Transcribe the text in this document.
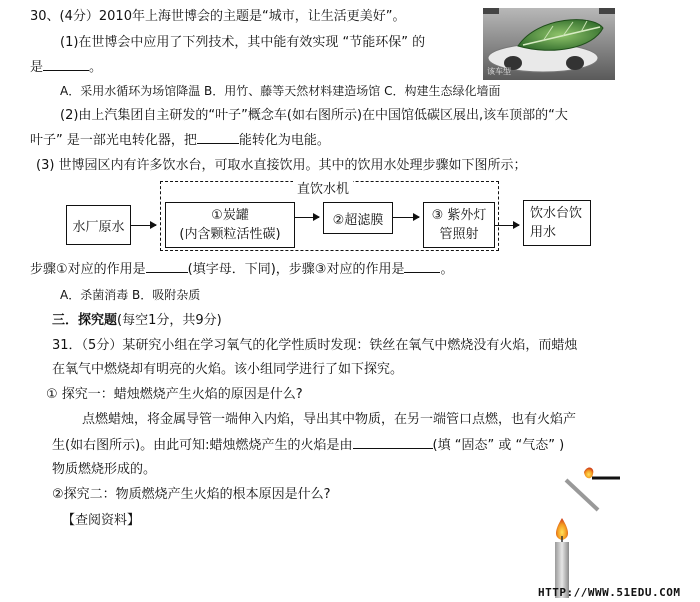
30、(4分）2010年上海世博会的主题是“城市，让生活更美好”。
(1)在世博会中应用了下列技术，其中能有效实现 “节能环保” 的
是	。
A．采用水循环为场馆降温 B．用竹、藤等天然材料建造场馆 C．构建生态绿化墙面
(2)由上汽集团自主研发的“叶子”概念车(如右图所示)在中国馆低碳区展出,该车顶部的“大
叶子” 是一部光电转化器，把	能转化为电能。
(3) 世博园区内有许多饮水台，可取水直接饮用。其中的饮用水处理步骤如下图所示；
该车型
直饮水机
水厂原水
①炭罐
(内含颗粒活性碳)
②超滤膜	③ 紫外灯
管照射
饮水台饮
用水
步骤①对应的作用是	(填字母．下同)，步骤③对应的作用是	。
A．杀菌消毒 B．吸附杂质
三．探究题(每空1分，共9分)
31．（5分）某研究小组在学习氧气的化学性质时发现：铁丝在氧气中燃烧没有火焰，而蜡烛
在氧气中燃烧却有明亮的火焰。该小组同学进行了如下探究。
① 探究一：蜡烛燃烧产生火焰的原因是什么?
点燃蜡烛，将金属导管一端伸入内焰，导出其中物质，在另一端管口点燃，也有火焰产
生(如右图所示)。由此可知:蜡烛燃烧产生的火焰是由	(填 “固态” 或 “气态” )
物质燃烧形成的。
②探究二：物质燃烧产生火焰的根本原因是什么?
【查阅资料】
HTTP://WWW.51EDU.COM
